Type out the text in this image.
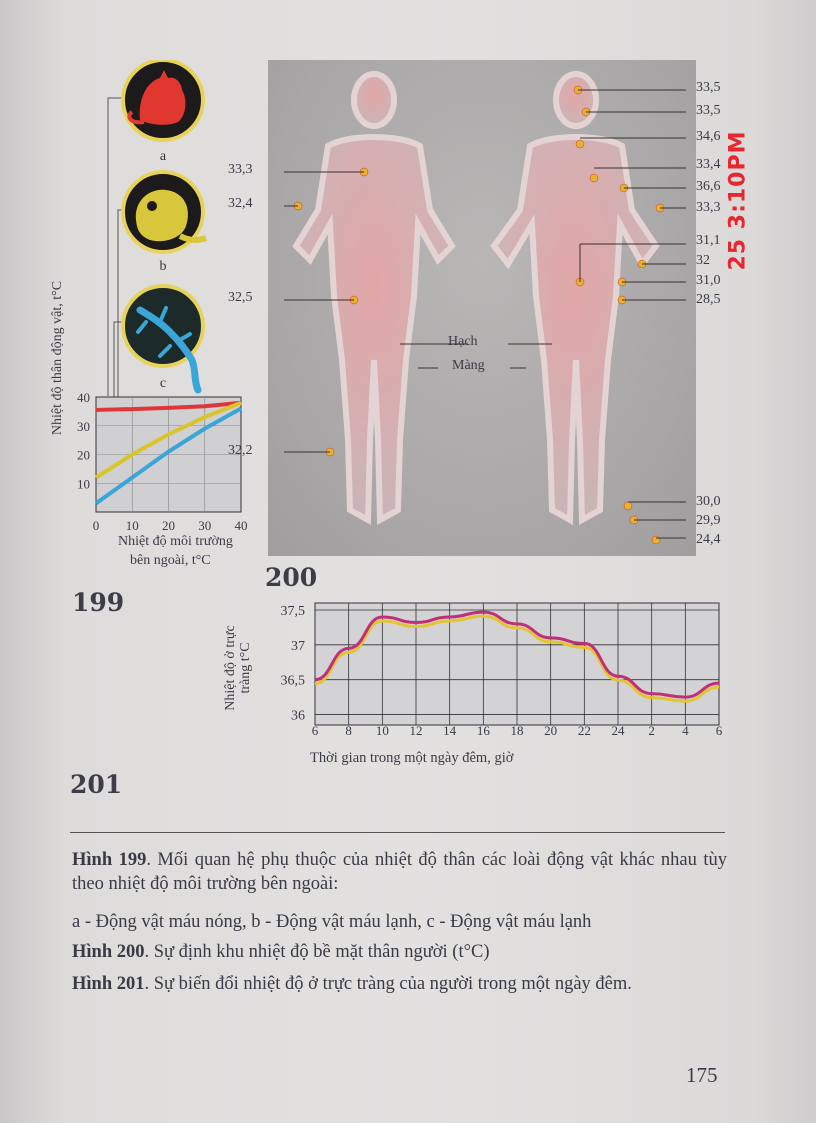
a
b
c
Nhiệt độ môi trường
bên ngoài, t°C
40
30
20
10
0 10 20 30 40
Nhiệt độ thân động vật, t°C
199
Hạch
Màng
33,3
32,4
32,5
32,2
33,5
33,5
34,6
33,4
36,6
33,3
31,1
32
31,0
28,5
30,0
29,9
24,4
25 3:10PM
200
37,5
37
36,5
36
6 8 10 12 14 16 18 20 22 24 2 4 6
Thời gian trong một ngày đêm, giờ
Nhiệt độ ở trực tràng t°C
201
Hình 199. Mối quan hệ phụ thuộc của nhiệt độ thân các loài động vật khác nhau tùy theo nhiệt độ môi trường bên ngoài:
a - Động vật máu nóng, b - Động vật máu lạnh, c - Động vật máu lạnh
Hình 200. Sự định khu nhiệt độ bề mặt thân người (t°C)
Hình 201. Sự biến đổi nhiệt độ ở trực tràng của người trong một ngày đêm.
175
